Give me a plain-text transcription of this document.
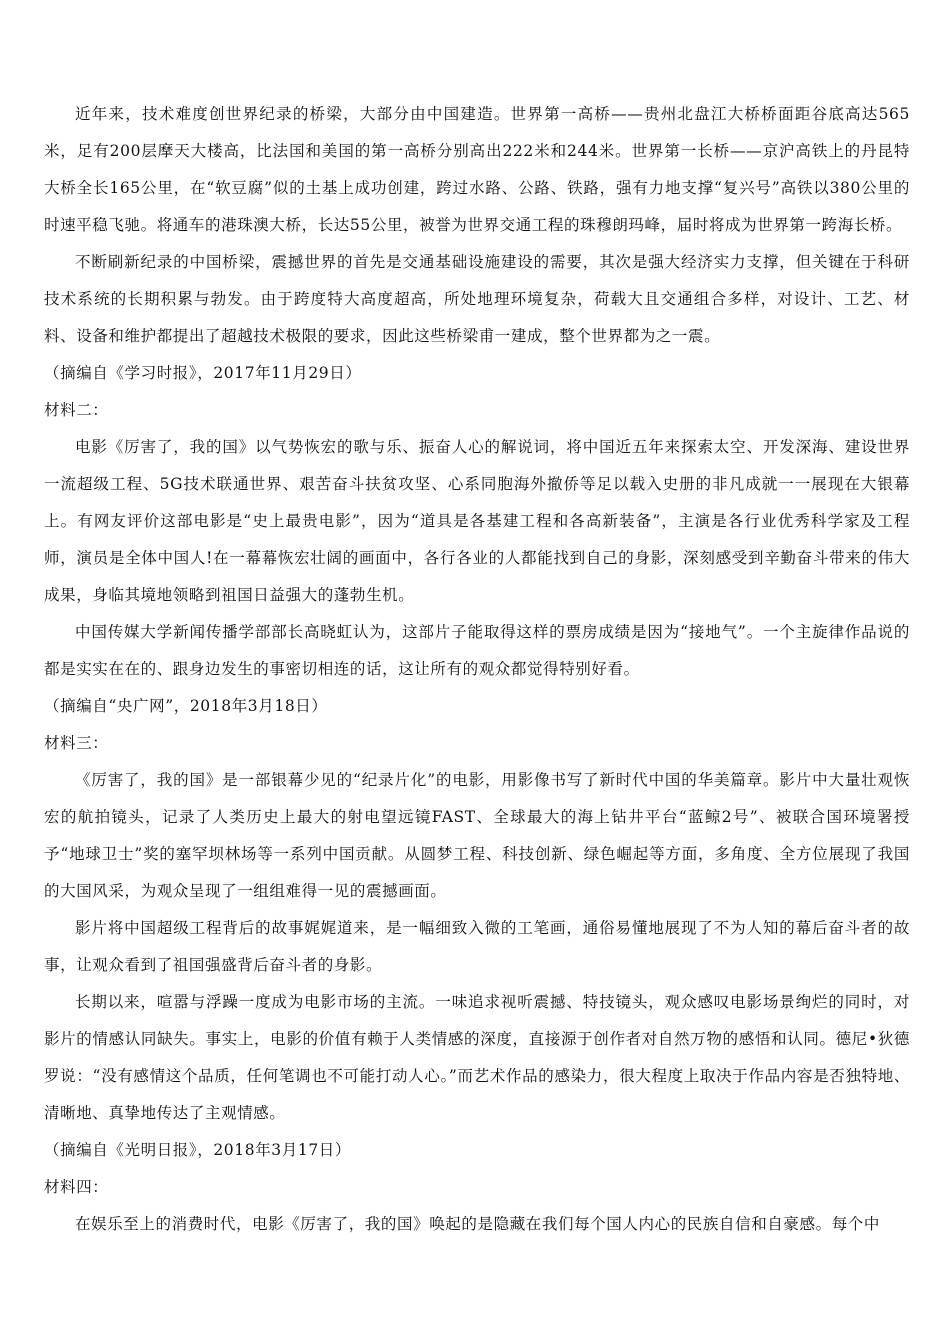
近年来，技术难度创世界纪录的桥梁，大部分由中国建造。世界第一高桥——贵州北盘江大桥桥面距谷底高达565米，足有200层摩天大楼高，比法国和美国的第一高桥分别高出222米和244米。世界第一长桥——京沪高铁上的丹昆特大桥全长165公里，在“软豆腐”似的土基上成功创建，跨过水路、公路、铁路，强有力地支撑“复兴号”高铁以380公里的时速平稳飞驰。将通车的港珠澳大桥，长达55公里，被誉为世界交通工程的珠穆朗玛峰，届时将成为世界第一跨海长桥。

不断刷新纪录的中国桥梁，震撼世界的首先是交通基础设施建设的需要，其次是强大经济实力支撑，但关键在于科研技术系统的长期积累与勃发。由于跨度特大高度超高，所处地理环境复杂，荷载大且交通组合多样，对设计、工艺、材料、设备和维护都提出了超越技术极限的要求，因此这些桥梁甫一建成，整个世界都为之一震。

（摘编自《学习时报》，2017年11月29日）

材料二：

电影《厉害了，我的国》以气势恢宏的歌与乐、振奋人心的解说词，将中国近五年来探索太空、开发深海、建设世界一流超级工程、5G技术联通世界、艰苦奋斗扶贫攻坚、心系同胞海外撤侨等足以载入史册的非凡成就一一展现在大银幕上。有网友评价这部电影是“史上最贵电影”，因为“道具是各基建工程和各高新装备”，主演是各行业优秀科学家及工程师，演员是全体中国人!在一幕幕恢宏壮阔的画面中，各行各业的人都能找到自己的身影，深刻感受到辛勤奋斗带来的伟大成果，身临其境地领略到祖国日益强大的蓬勃生机。

中国传媒大学新闻传播学部部长高晓虹认为，这部片子能取得这样的票房成绩是因为“接地气”。一个主旋律作品说的都是实实在在的、跟身边发生的事密切相连的话，这让所有的观众都觉得特别好看。

（摘编自“央广网”，2018年3月18日）

材料三：

《厉害了，我的国》是一部银幕少见的“纪录片化”的电影，用影像书写了新时代中国的华美篇章。影片中大量壮观恢宏的航拍镜头，记录了人类历史上最大的射电望远镜FAST、全球最大的海上钻井平台“蓝鲸2号”、被联合国环境署授予“地球卫士”奖的塞罕坝林场等一系列中国贡献。从圆梦工程、科技创新、绿色崛起等方面，多角度、全方位展现了我国的大国风采，为观众呈现了一组组难得一见的震撼画面。

影片将中国超级工程背后的故事娓娓道来，是一幅细致入微的工笔画，通俗易懂地展现了不为人知的幕后奋斗者的故事，让观众看到了祖国强盛背后奋斗者的身影。

长期以来，喧嚣与浮躁一度成为电影市场的主流。一味追求视听震撼、特技镜头，观众感叹电影场景绚烂的同时，对影片的情感认同缺失。事实上，电影的价值有赖于人类情感的深度，直接源于创作者对自然万物的感悟和认同。德尼•狄德罗说：“没有感情这个品质，任何笔调也不可能打动人心。”而艺术作品的感染力，很大程度上取决于作品内容是否独特地、清晰地、真挚地传达了主观情感。

（摘编自《光明日报》，2018年3月17日）

材料四：

在娱乐至上的消费时代，电影《厉害了，我的国》唤起的是隐藏在我们每个国人内心的民族自信和自豪感。每个中
